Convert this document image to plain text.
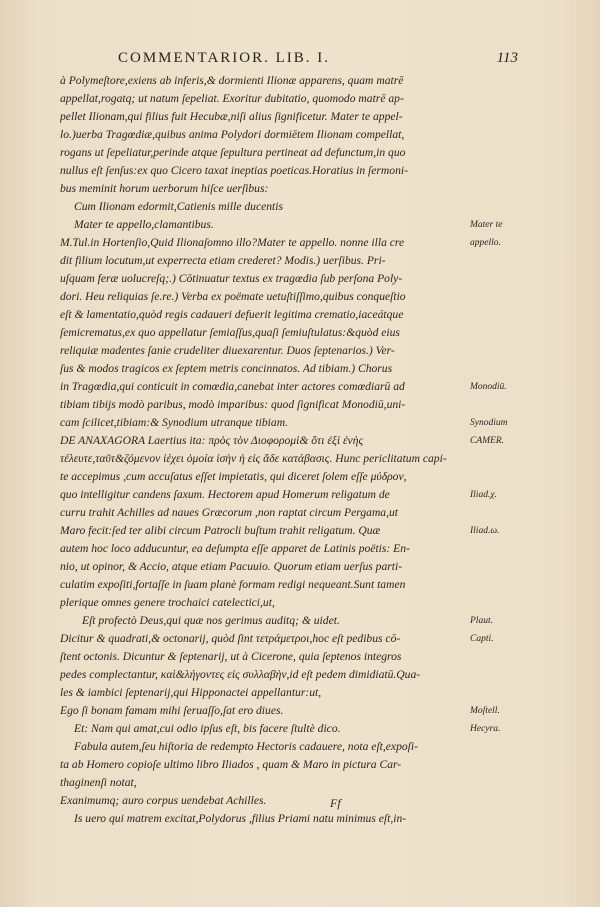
COMMENTARIOR. LIB. I.	113
à Polymeſtore,exiens ab inferis,& dormienti Ilionæ apparens, quam matrē
appellat,rogatq; ut natum ſepeliat. Exoritur dubitatio, quomodo matrē ap-
pellet Ilionam,qui filius fuit Hecubæ,niſi alius ſignificetur. Mater te appel-
lo.)uerba Tragœdiæ,quibus anima Polydori dormiētem Ilionam compellat,
rogans ut ſepeliatur,perinde atque ſepultura pertineat ad defunctum,in quo
nullus eſt ſenſus:ex quo Cicero taxat ineptias poeticas.Horatius in ſermoni-
bus meminit horum uerborum hiſce uerſibus:
Cum Ilionam edormit,Catienis mille ducentis
Mater te appello,clamantibus.
M.Tul.in Hortenſio,Quid Ilionaſomno illo?Mater te appello. nonne illa cre
dit filium locutum,ut experrecta etiam crederet? Modis.) uerſibus. Pri-
uſquam feræ uolucreſq;.) Cōtinuatur textus ex tragœdia ſub perſona Poly-
dori. Heu reliquias ſe.re.) Verba ex poëmate uetuſtiſſimo,quibus conqueſtio
eſt & lamentatio,quòd regis cadaueri defuerit legitima crematio,iaceátque
ſemicrematus,ex quo appellatur ſemiaſſus,quaſi ſemiuſtulatus:&quòd eius
reliquiæ madentes ſanie crudeliter diuexarentur. Duos ſeptenarios.) Ver-
ſus & modos tragicos ex ſeptem metris concinnatos. Ad tibiam.) Chorus
in Tragœdia,qui conticuit in comœdia,canebat inter actores comœdiarū ad
tibiam tibijs modò paribus, modò imparibus: quod ſignificat Monodiū,uni-
cam ſcilicet,tibiam:& Synodium utranque tibiam.
DE ANAXAGORA Laertius ita: πρὸς τὸν Διοφορομὶ& ὅτι ἐξὶ ἐνὴς
τέλευτε,ταῦτ&ζόμενον ἰέχει ὁμοία ἰσὴν ἡ εἰς ἅδε κατάβασις. Hunc periclitatum capi-
te accepimus ,cum accuſatus eſſet impietatis, qui diceret ſolem eſſe μύδρον,
quo intelligitur candens ſaxum. Hectorem apud Homerum religatum de
curru trahit Achilles ad naues Græcorum ,non raptat circum Pergama,ut
Maro fecit:ſed ter alibi circum Patrocli buſtum trahit religatum. Quæ
autem hoc loco adducuntur, ea deſumpta eſſe apparet de Latinis poëtis: En-
nio, ut opinor, & Accio, atque etiam Pacuuio. Quorum etiam uerſus parti-
culatim expoſiti,fortaſſe in ſuam planè formam redigi nequeant.Sunt tamen
plerique omnes genere trochaici catelectici,ut,
Eſt profectò Deus,qui quæ nos gerimus auditq; & uidet.
Dicitur & quadrati,& octonarij, quòd ſint τετράμετροι,hoc eſt pedibus cō-
ſtent octonis. Dicuntur & ſeptenarij, ut à Cicerone, quia ſeptenos integros
pedes complectantur, καὶ&λήγοντες εἰς συλλαβὴν,id eſt pedem dimidiatū.Qua-
les & iambici ſeptenarij,qui Hipponactei appellantur:ut,
Ego ſi bonam famam mihi ſeruaſſo,ſat ero diues.
Et: Nam qui amat,cui odio ipſus eſt, bis facere ſtultè dico.
Fabula autem,ſeu hiſtoria de redempto Hectoris cadauere, nota eſt,expoſi-
ta ab Homero copioſe ultimo libro Iliados , quam & Maro in pictura Car-
thaginenſi notat,
Exanimumq; auro corpus uendebat Achilles.
Is uero qui matrem excitat,Polydorus ,filius Priami natu minimus eſt,in-
Mater te
appello.
Monodiū.
Synodium
CAMER.
Iliad.χ.
Iliad.ω.
Plaut.
Capti.
Moſtell.
Hecyra.
Ff
